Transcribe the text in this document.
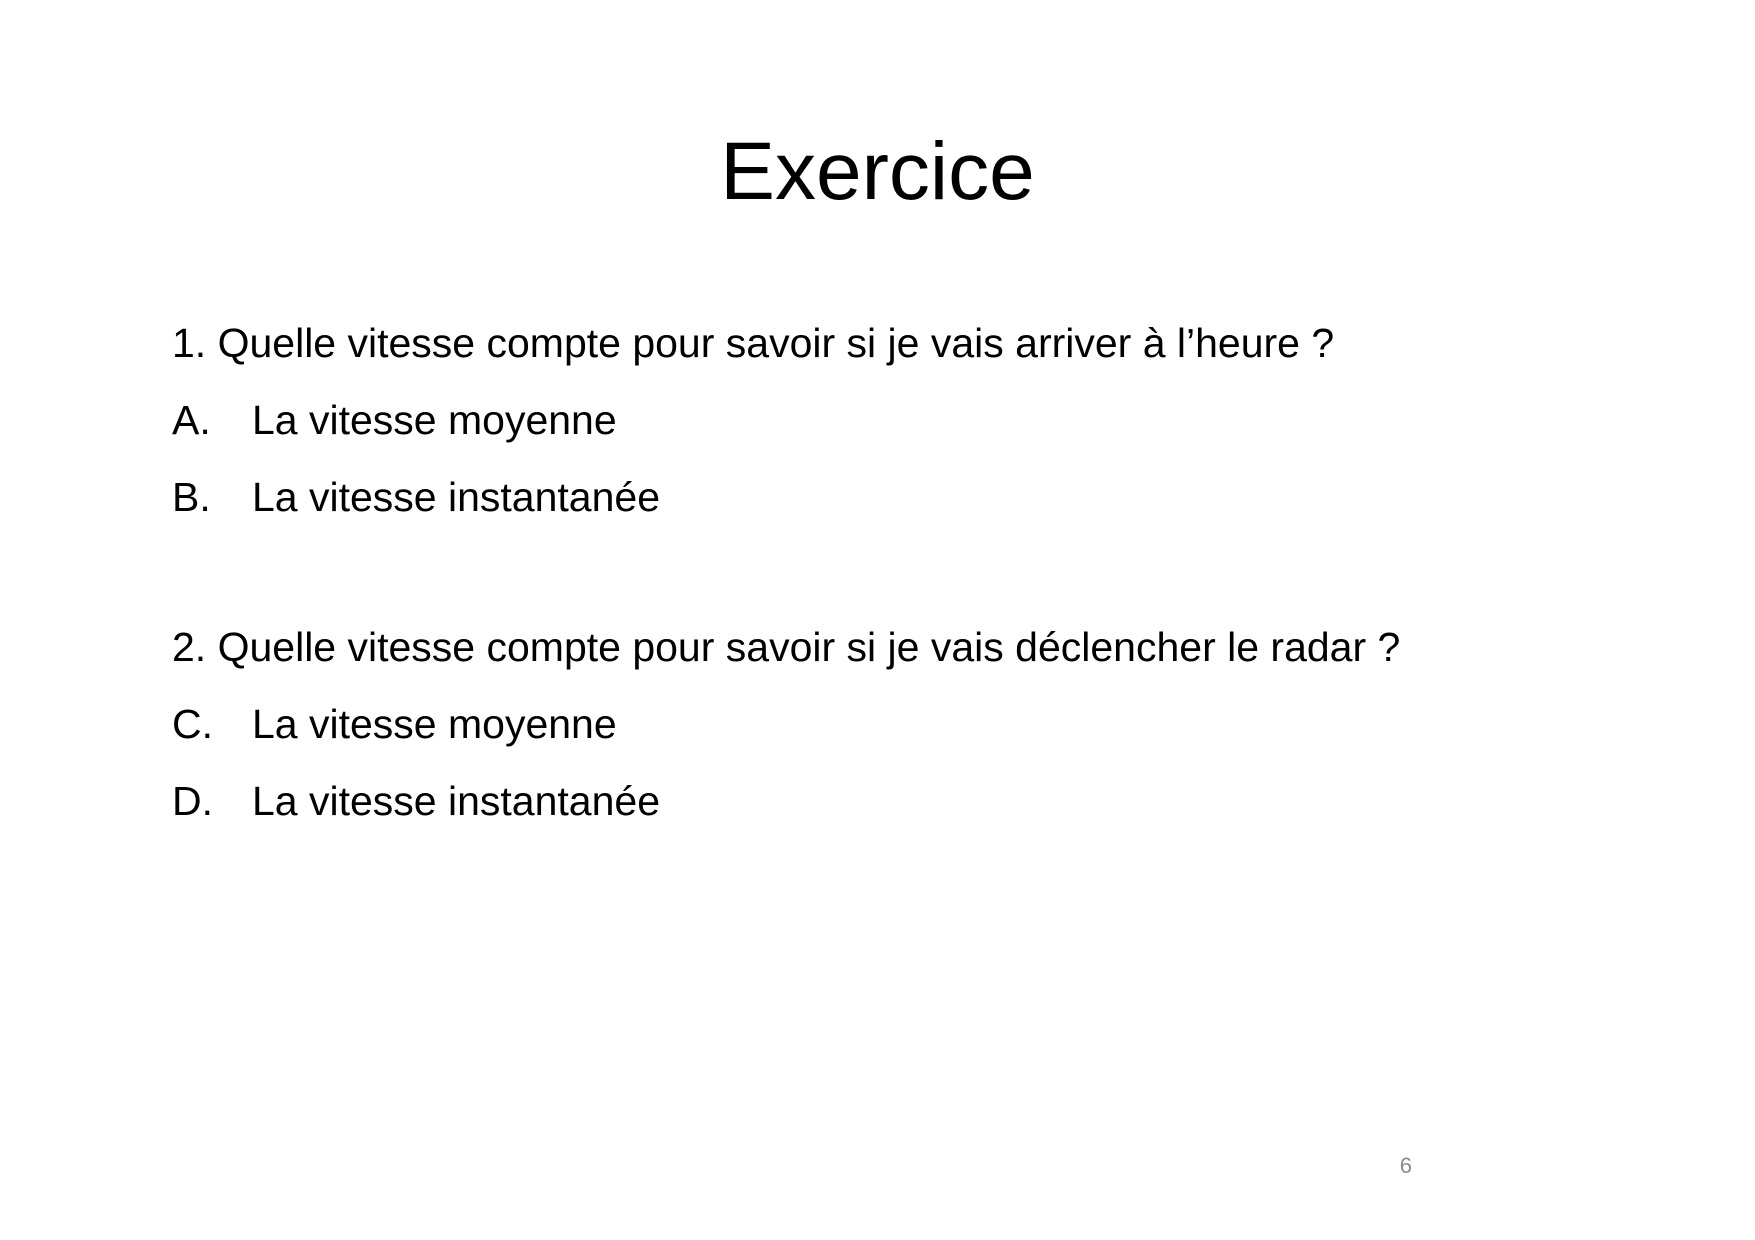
Exercice
1. Quelle vitesse compte pour savoir si je vais arriver à l’heure ?
A. La vitesse moyenne
B. La vitesse instantanée
2. Quelle vitesse compte pour savoir si je vais déclencher le radar ?
C. La vitesse moyenne
D. La vitesse instantanée
6
